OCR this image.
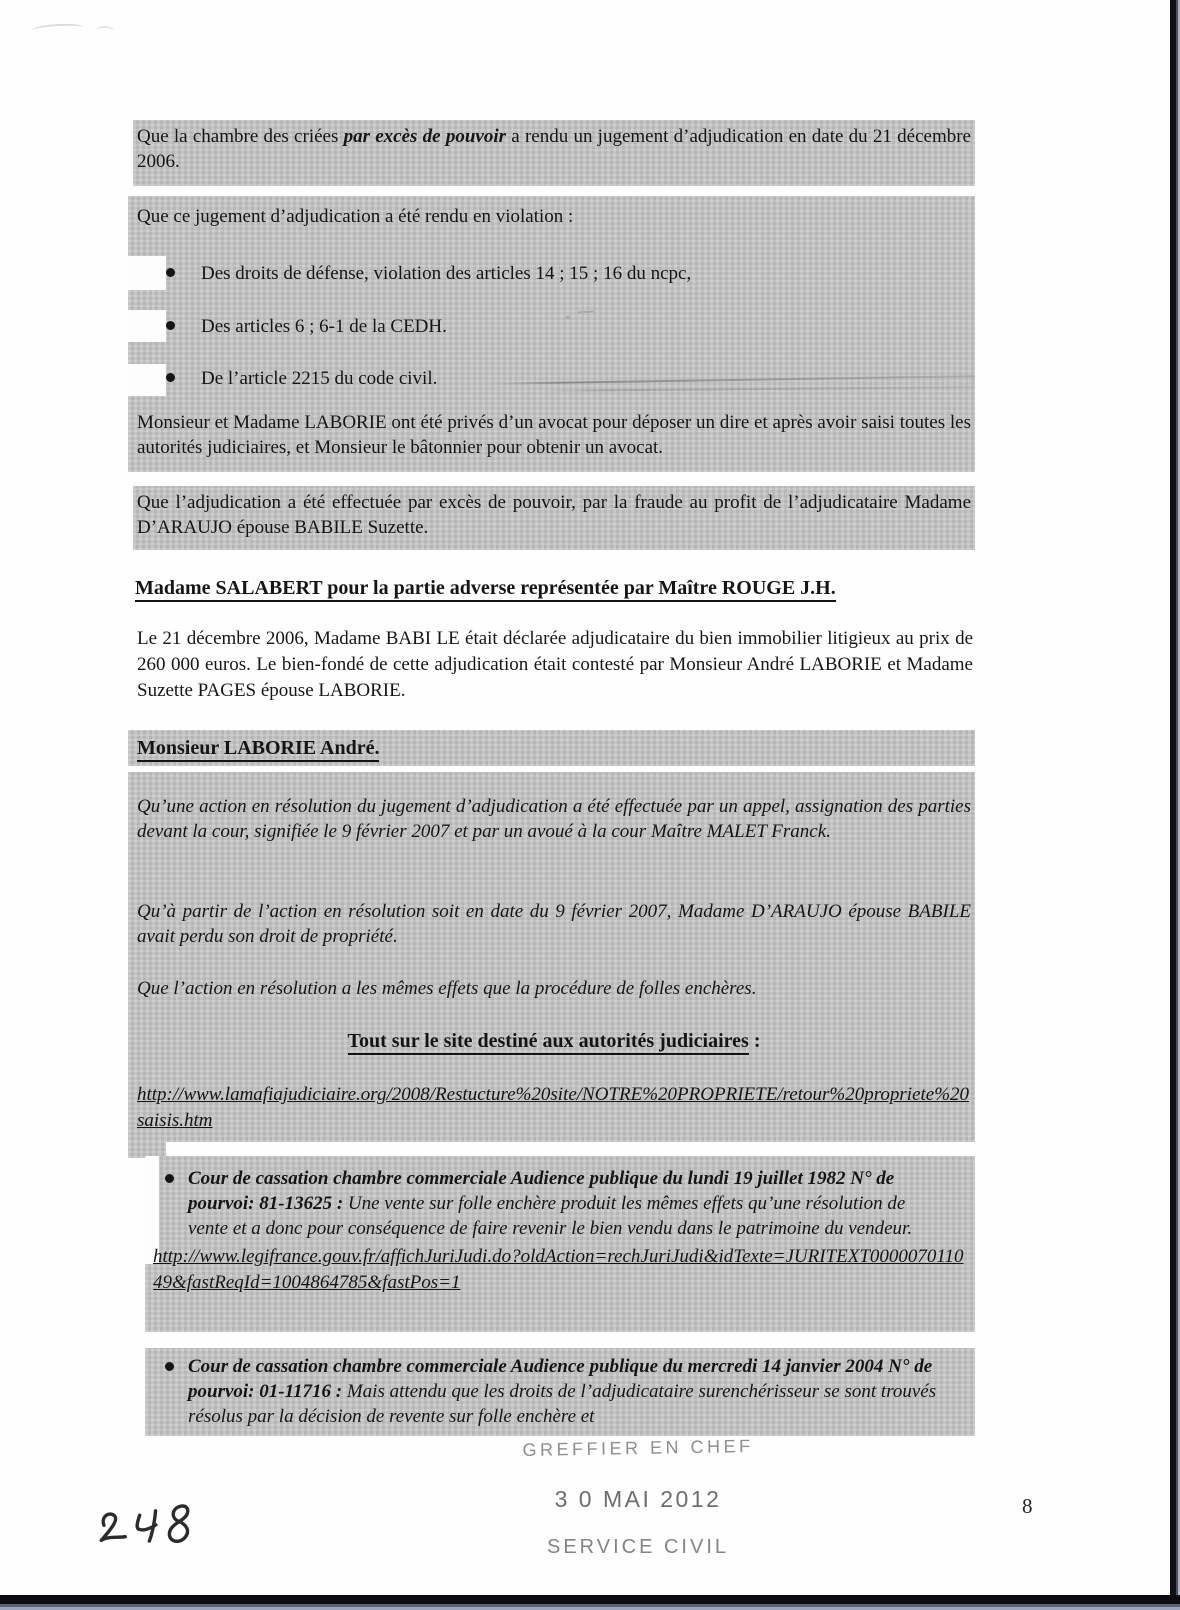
Que la chambre des criées par excès de pouvoir a rendu un jugement d’adjudication en date du 21 décembre 2006.
Que ce jugement d’adjudication a été rendu en violation :
Des droits de défense, violation des articles 14 ; 15 ; 16 du ncpc,
Des articles 6 ; 6-1 de la CEDH.
De l’article 2215 du code civil.
Monsieur et Madame LABORIE ont été privés d’un avocat pour déposer un dire et après avoir saisi toutes les autorités judiciaires, et Monsieur le bâtonnier pour obtenir un avocat.
Que l’adjudication a été effectuée par excès de pouvoir, par la fraude au profit de l’adjudicataire Madame D’ARAUJO épouse BABILE Suzette.
Madame SALABERT pour la partie adverse représentée par Maître ROUGE J.H.
Le 21 décembre 2006, Madame BABI LE était déclarée adjudicataire du bien immobilier litigieux au prix de 260 000 euros. Le bien-fondé de cette adjudication était contesté par Monsieur André LABORIE et Madame Suzette PAGES épouse LABORIE.
Monsieur LABORIE André.
Qu’une action en résolution du jugement d’adjudication a été effectuée par un appel, assignation des parties devant la cour, signifiée le 9 février 2007 et par un avoué à la cour Maître MALET Franck.
Qu’à partir de l’action en résolution soit en date du 9 février 2007, Madame D’ARAUJO épouse BABILE avait perdu son droit de propriété.
Que l’action en résolution a les mêmes effets que la procédure de folles enchères.
Tout sur le site destiné aux autorités judiciaires :
http://www.lamafiajudiciaire.org/2008/Restucture%20site/NOTRE%20PROPRIETE/retour%20propriete%20saisis.htm
Cour de cassation chambre commerciale Audience publique du lundi 19 juillet 1982 N° de pourvoi: 81-13625 : Une vente sur folle enchère produit les mêmes effets qu’une résolution de vente et a donc pour conséquence de faire revenir le bien vendu dans le patrimoine du vendeur.
http://www.legifrance.gouv.fr/affichJuriJudi.do?oldAction=rechJuriJudi&idTexte=JURITEXT000007011049&fastReqId=1004864785&fastPos=1
Cour de cassation chambre commerciale Audience publique du mercredi 14 janvier 2004 N° de pourvoi: 01-11716 : Mais attendu que les droits de l’adjudicataire surenchérisseur se sont trouvés résolus par la décision de revente sur folle enchère et
GREFFIER EN CHEF
3 0 MAI 2012
SERVICE CIVIL
8
